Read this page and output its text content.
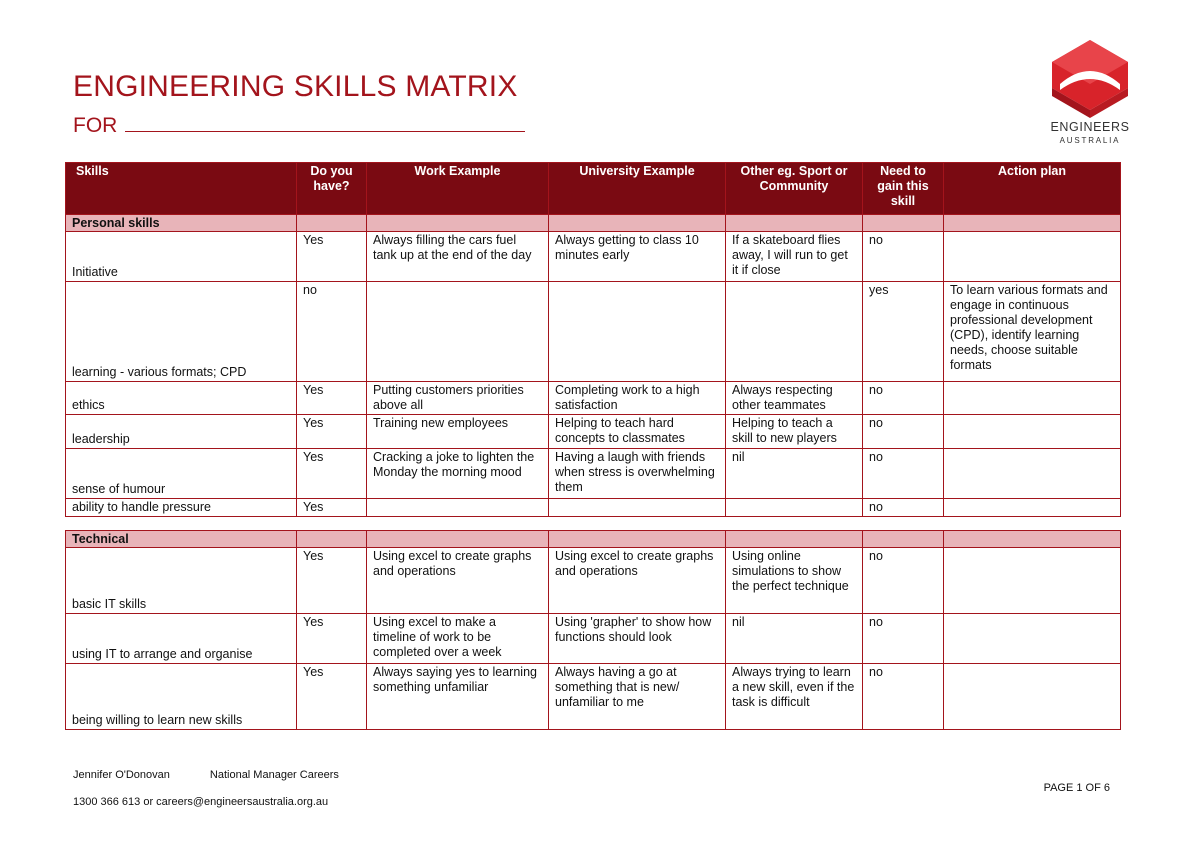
ENGINEERING SKILLS MATRIX
FOR	ENGINEERS
AUSTRALIA
Skills	Do you have?	Work Example	University Example	Other eg. Sport or Community	Need to gain this skill	Action plan
Personal skills						
Initiative	Yes	Always filling the cars fuel tank up at the end of the day	Always getting to class 10 minutes early	If a skateboard flies away, I will run to get it if close	no	
learning - various formats; CPD	no				yes	To learn various formats and engage in continuous professional development (CPD), identify learning needs, choose suitable formats
ethics	Yes	Putting customers priorities above all	Completing work to a high satisfaction	Always respecting other teammates	no	
leadership	Yes	Training new employees	Helping to teach hard concepts to classmates	Helping to teach a skill to new players	no	
sense of humour	Yes	Cracking a joke to lighten the Monday the morning mood	Having a laugh with friends when stress is overwhelming them	nil	no	
ability to handle pressure	Yes				no	
Technical						
basic IT skills	Yes	Using excel to create graphs and operations	Using excel to create graphs and operations	Using online simulations to show the perfect technique	no	
using IT to arrange and organise	Yes	Using excel to make a timeline of work to be completed over a week	Using 'grapher' to show how functions should look	nil	no	
being willing to learn new skills	Yes	Always saying yes to learning something unfamiliar	Always having a go at something that is new/ unfamiliar to me	Always trying to learn a new skill, even if the task is difficult	no	
Jennifer O'Donovan	National Manager Careers
1300 366 613 or careers@engineersaustralia.org.au
PAGE 1 OF 6
